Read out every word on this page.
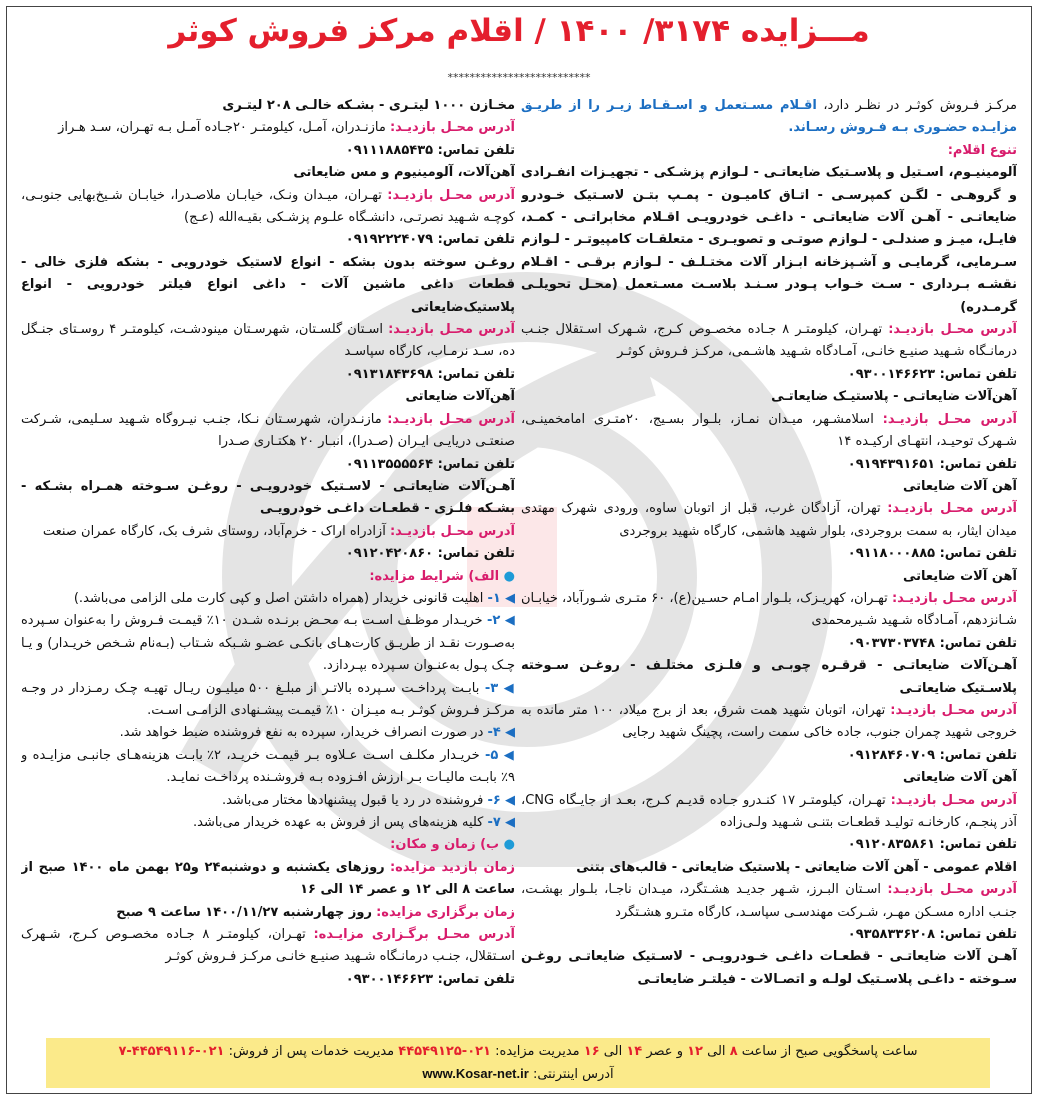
مـــزایده ۳۱۷۴/ ۱۴۰۰ / اقلام مرکز فروش کوثر
**************************

مرکـز فـروش کوثـر در نظـر دارد، اقـلام مسـتعمل و اسـقـاط زیـر را از طریـق مزایـده حضـوری بـه فـروش رسـاند.

تنوع اقلام:

آلومینیـوم، اسـتیل و پلاسـتیک ضایعاتـی - لـوازم پزشـکی - تجهیـزات انفـرادی و گروهـی - لگـن کمپرسـی - اتـاق کامیـون - پمـپ بتـن لاسـتیک خـودرو ضایعاتـی - آهـن آلات ضایعاتـی - داغـی خودرویـی اقـلام مخابراتـی - کمـد، فایـل، میـز و صندلـی - لـوازم صوتـی و تصویـری - متعلقـات کامپیوتـر - لـوازم سـرمایی، گرمایـی و آشـپزخانه ابـزار آلات مختـلـف - لـوازم برقـی - اقـلام نقشـه بـرداری - سـت خـواب پـودر سـنـد بلاسـت مسـتعمل (محـل تحویلـی گرمـدره)

آدرس محـل بازدیـد: تهـران، کیلومتـر ۸ جـاده مخصـوص کـرج، شـهرک اسـتقلال جنـب درمانـگاه شـهید صنیـع خانـی، آمـادگاه شـهید هاشـمی، مرکـز فـروش کوثـر

تلفن تماس: ۰۹۳۰۰۱۴۶۶۲۳

آهن‌آلات ضایعاتـی - پلاستیـک ضایعاتـی

آدرس محـل بازدیـد: اسلامشـهر، میـدان نمـاز، بلـوار بسـیج، ۲۰متـری امامخمینـی، شـهرک توحیـد، انتهـای ارکیـده ۱۴

تلفن تماس: ۰۹۱۹۴۳۹۱۶۵۱

آهن آلات ضایعاتی

آدرس محـل بازدیـد: تهران، آزادگان غرب، قبل از اتوبان ساوه، ورودی شهرک مهتدی میدان ایثار، به سمت بروجردی، بلوار شهید هاشمی، کارگاه شهید بروجردی

تلفن تماس: ۰۹۱۱۸۰۰۰۸۸۵

آهن آلات ضایعاتی

آدرس محـل بازدیـد: تهـران، کهریـزک، بلـوار امـام حسـین(ع)، ۶۰ متـری شـورآباد، خیابـان شـانزدهم، آمـادگاه شـهید شـیرمحمدی

تلفن تماس: ۰۹۰۳۷۳۰۳۷۴۸

آهـن‌آلات ضایعاتـی - قرقـره چوبـی و فلـزی مختلـف - روغـن سـوخته پلاسـتیک ضایعاتـی

آدرس محـل بازدیـد: تهران، اتوبان شهید همت شرق، بعد از برج میلاد، ۱۰۰ متر مانده به خروجی شهید چمران جنوب، جاده خاکی سمت راست، پچینگ شهید رجایی

تلفن تماس: ۰۹۱۲۸۴۶۰۷۰۹

آهن آلات ضایعاتی

آدرس محـل بازدیـد: تهـران، کیلومتـر ۱۷ کنـدرو جـاده قدیـم کـرج، بعـد از جایـگاه CNG، آذر پنجـم، کارخانـه تولیـد قطعـات بتنـی شـهید ولـی‌زاده

تلفن تماس: ۰۹۱۲۰۸۳۵۸۶۱

اقلام عمومی - آهن آلات ضایعاتی - پلاستیک ضایعاتی - قالب‌های بتنی

آدرس محـل بازدیـد: اسـتان البـرز، شـهر جدیـد هشـتگرد، میـدان ناجـا، بلـوار بهشـت، جنـب اداره مسـکن مهـر، شـرکت مهندسـی سپاسـد، کارگاه متـرو هشـتگرد

تلفن تماس: ۰۹۳۵۸۳۳۶۲۰۸

آهـن آلات ضایعاتـی - قطعـات داغـی خـودرویـی - لاسـتیک ضایعاتـی روغـن سـوخته - داغـی پلاسـتیک لولـه و اتصـالات - فیلتـر ضایعاتـی

مخـازن ۱۰۰۰ لیتـری - بشـکه خالـی ۲۰۸ لیتـری

آدرس محـل بازدیـد: مازنـدران، آمـل، کیلومتـر ۲۰جـاده آمـل بـه تهـران، سـد هـراز

تلفن تماس: ۰۹۱۱۱۸۸۵۴۳۵

آهن‌آلات، آلومینیوم و مس ضایعاتی

آدرس محـل بازدیـد: تهـران، میـدان ونـک، خیابـان ملاصـدرا، خیابـان شـیخ‌بهایی جنوبـی، کوچـه شـهید نصرتـی، دانشـگاه علـوم پزشـکی بقیـه‌الله (عـج)

تلفن تماس: ۰۹۱۹۲۲۲۴۰۷۹

روغـن سوخته بدون بشکه - انواع لاستیک خودرویی - بشکه فلزی خالی - قطعات داغی ماشین آلات - داغی انواع فیلتر خودرویی - انواع پلاستیک‌ضایعاتی

آدرس محـل بازدیـد: اسـتان گلسـتان، شهرسـتان مینودشـت، کیلومتـر ۴ روسـتای جنـگل ده، سـد نرمـاب، کارگاه سپاسـد

تلفن تماس: ۰۹۱۳۱۸۴۳۶۹۸

آهن‌آلات ضایعاتی

آدرس محـل بازدیـد: مازنـدران، شهرسـتان نـکا، جنـب نیـروگاه شـهید سـلیمی، شـرکت صنعتـی دریایـی ایـران (صـدرا)، انبـار ۲۰ هکتـاری صـدرا

تلفن تماس: ۰۹۱۱۳۵۵۵۵۶۴

آهـن‌آلات ضایعاتـی - لاسـتیک خودرویـی - روغـن سـوخته همـراه بشـکه - بشـکه فلـزی - قطعـات داغـی خودرویـی

آدرس محـل بازدیـد: آزادراه اراک - خرم‌آباد، روستای شرف بک، کارگاه عمران صنعت

تلفن تماس: ۰۹۱۲۰۴۲۰۸۶۰

● الف) شرایط مزایده:

◀ ۱- اهلیت قانونی خریدار (همراه داشتن اصل و کپی کارت ملی الزامی می‌باشد.)

◀ ۲- خریـدار موظـف اسـت بـه محـض برنـده شـدن ۱۰٪ قیمـت فـروش را به‌عنوان سـپرده به‌صـورت نقـد از طریـق کارت‌هـای بانکـی عضـو شـبکه شـتاب (بـه‌نام شـخص خریـدار) و یـا چـک پـول به‌عنـوان سـپرده بپـردازد.

◀ ۳- بابـت پرداخـت سـپرده بالاتـر از مبلـغ ۵۰۰ میلیـون ریـال تهیـه چـک رمـزدار در وجـه مرکـز فـروش کوثـر بـه میـزان ۱۰٪ قیمـت پیشـنهادی الزامـی اسـت.

◀ ۴- در صورت انصراف خریدار، سپرده به نفع فروشنده ضبط خواهد شد.

◀ ۵- خریـدار مکلـف اسـت عـلاوه بـر قیمـت خریـد، ۲٪ بابـت هزینه‌هـای جانبـی مزایـده و ۹٪ بابـت مالیـات بـر ارزش افـزوده بـه فروشـنده پرداخـت نمایـد.

◀ ۶- فروشنده در رد یا قبول پیشنهادها مختار می‌باشد.

◀ ۷- کلیه هزینه‌های پس از فروش به عهده خریدار می‌باشد.

● ب) زمان و مکان:

زمان بازدید مزایده: روزهای یکشنبه و دوشنبه۲۴ و۲۵ بهمن ماه ۱۴۰۰ صبح از ساعت ۸ الی ۱۲ و عصر ۱۴ الی ۱۶

زمان برگزاری مزایده: روز چهارشنبه ۱۴۰۰/۱۱/۲۷ ساعت ۹ صبح

آدرس محـل برگـزاری مزایـده: تهـران، کیلومتـر ۸ جـاده مخصـوص کـرج، شـهرک اسـتقلال، جنـب درمانـگاه شـهید صنیـع خانـی مرکـز فـروش کوثـر

تلفن تماس: ۰۹۳۰۰۱۴۶۶۲۳

ساعت پاسخگویی صبح از ساعت ۸ الی ۱۲ و عصر ۱۴ الی ۱۶ مدیریت مزایده: ۰۲۱-۴۴۵۴۹۱۲۵ مدیریت خدمات پس از فروش: ۰۲۱-۴۴۵۴۹۱۱۶-۷
آدرس اینترنتی: www.Kosar-net.ir
